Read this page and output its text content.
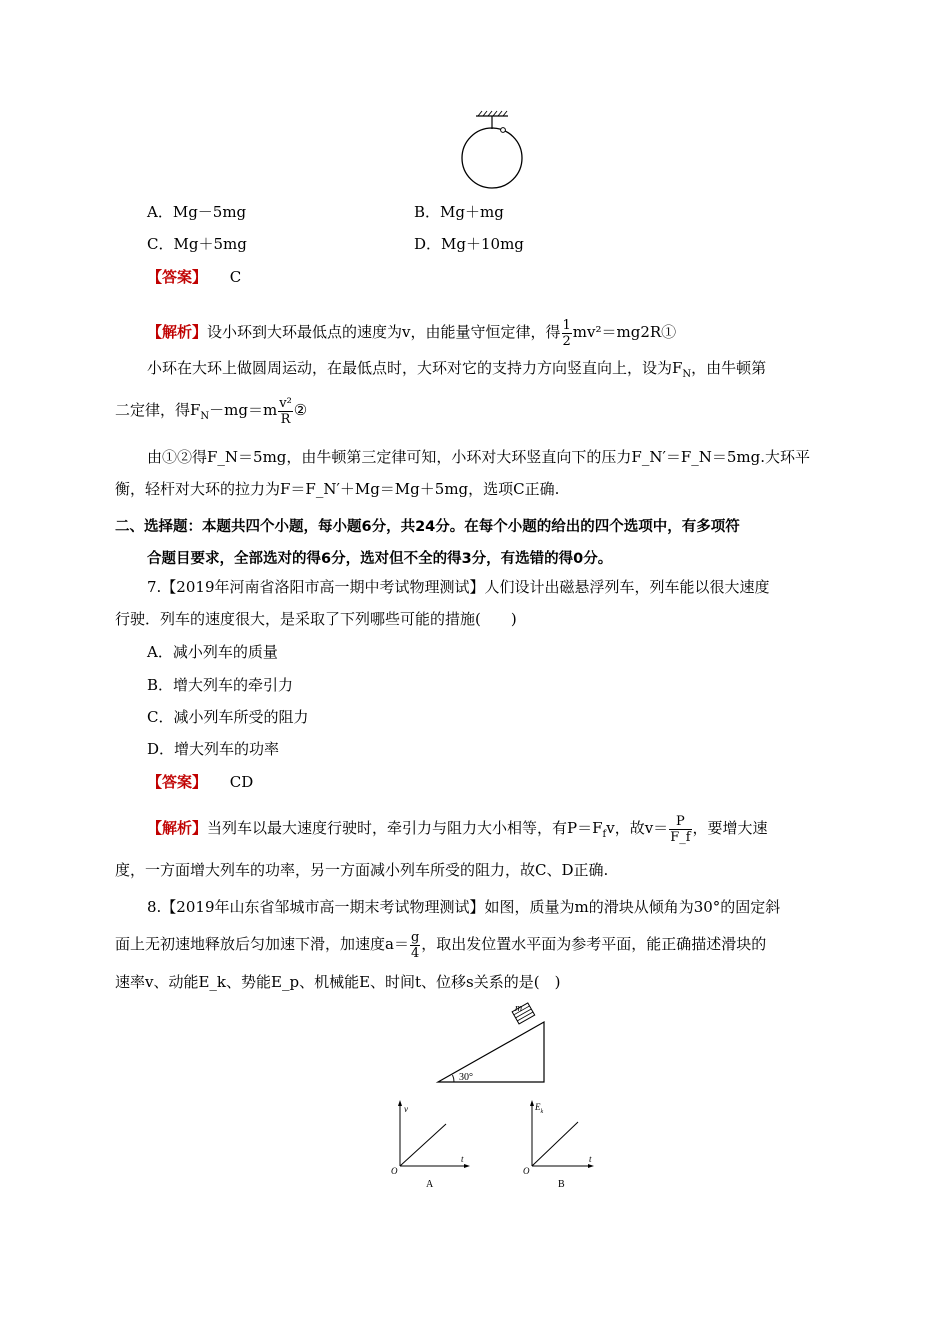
A．Mg－5mg	B．Mg＋mg
C．Mg＋5mg	D．Mg＋10mg
【答案】 C
【解析】设小环到大环最低点的速度为v，由能量守恒定律，得 $\frac{1}{2}$ mv²＝mg2R①
小环在大环上做圆周运动，在最低点时，大环对它的支持力方向竖直向上，设为$F_N$，由牛顿第
二定律，得$F_N-mg=m \frac{\text{v²}}{R}$ ②
由①②得F_N＝5mg，由牛顿第三定律可知，小环对大环竖直向下的压力F_N′＝F_N＝5mg.大环平
衡，轻杆对大环的拉力为F＝F_N′＋Mg＝Mg＋5mg，选项C正确.
二、选择题：本题共四个小题，每小题6分，共24分。在每个小题的给出的四个选项中，有多项符
合题目要求，全部选对的得6分，选对但不全的得3分，有选错的得0分。
7.【2019年河南省洛阳市高一期中考试物理测试】人们设计出磁悬浮列车，列车能以很大速度
行驶．列车的速度很大，是采取了下列哪些可能的措施(　　)
A．减小列车的质量
B．增大列车的牵引力
C．减小列车所受的阻力
D．增大列车的功率
【答案】 CD
【解析】当列车以最大速度行驶时，牵引力与阻力大小相等，有$P=F_fv$，故$v= \frac{P}{F\_f}$ ，要增大速
度，一方面增大列车的功率，另一方面减小列车所受的阻力，故C、D正确.
8.【2019年山东省邹城市高一期末考试物理测试】如图，质量为m的滑块从倾角为30°的固定斜
面上无初速地释放后匀加速下滑，加速度$a= \frac{g}{4}$ ，取出发位置水平面为参考平面，能正确描述滑块的
速率v、动能E_k、势能E_p、机械能E、时间t、位移s关系的是(　)
m
30°
v
t
O
A
$E_k$
t
O
B
